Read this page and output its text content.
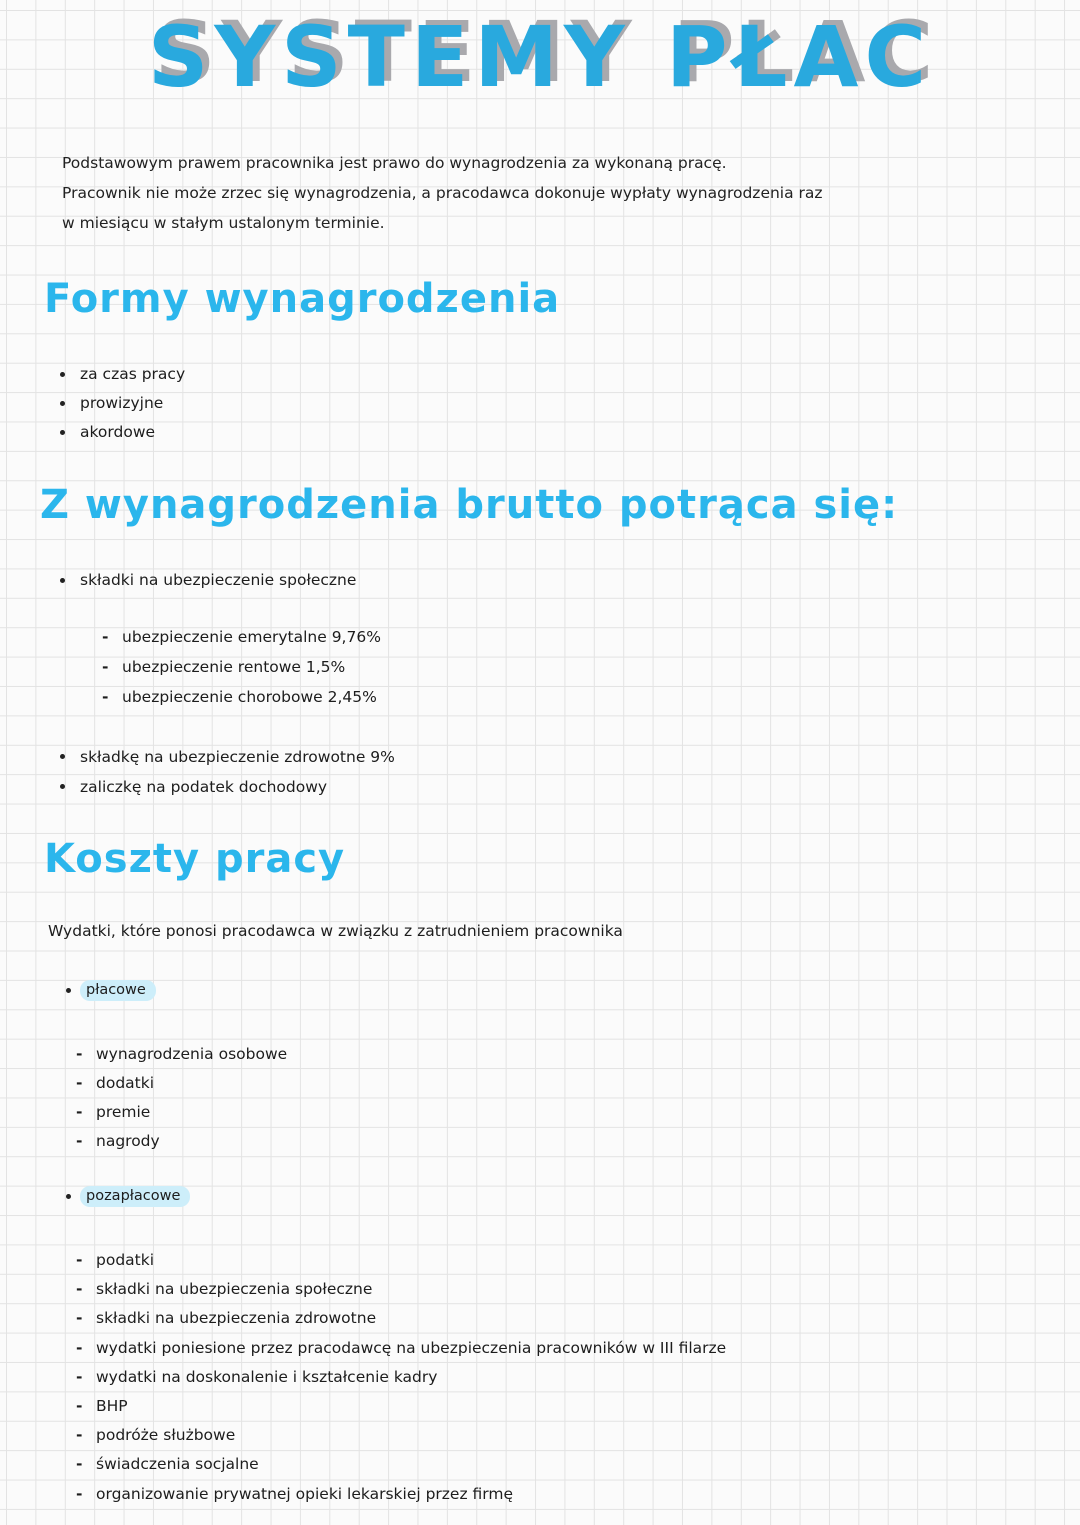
SYSTEMY PŁAC
Podstawowym prawem pracownika jest prawo do wynagrodzenia za wykonaną pracę.
Pracownik nie może zrzec się wynagrodzenia, a pracodawca dokonuje wypłaty wynagrodzenia raz
w miesiącu w stałym ustalonym terminie.
Formy wynagrodzenia
za czas pracy
prowizyjne
akordowe
Z wynagrodzenia brutto potrąca się:
składki na ubezpieczenie społeczne
- ubezpieczenie emerytalne 9,76%
- ubezpieczenie rentowe 1,5%
- ubezpieczenie chorobowe 2,45%
składkę na ubezpieczenie zdrowotne 9%
zaliczkę na podatek dochodowy
Koszty pracy
Wydatki, które ponosi pracodawca w związku z zatrudnieniem pracownika
płacowe
- wynagrodzenia osobowe
- dodatki
- premie
- nagrody
pozapłacowe
- podatki
- składki na ubezpieczenia społeczne
- składki na ubezpieczenia zdrowotne
- wydatki poniesione przez pracodawcę na ubezpieczenia pracowników w III filarze
- wydatki na doskonalenie i kształcenie kadry
- BHP
- podróże służbowe
- świadczenia socjalne
- organizowanie prywatnej opieki lekarskiej przez firmę
